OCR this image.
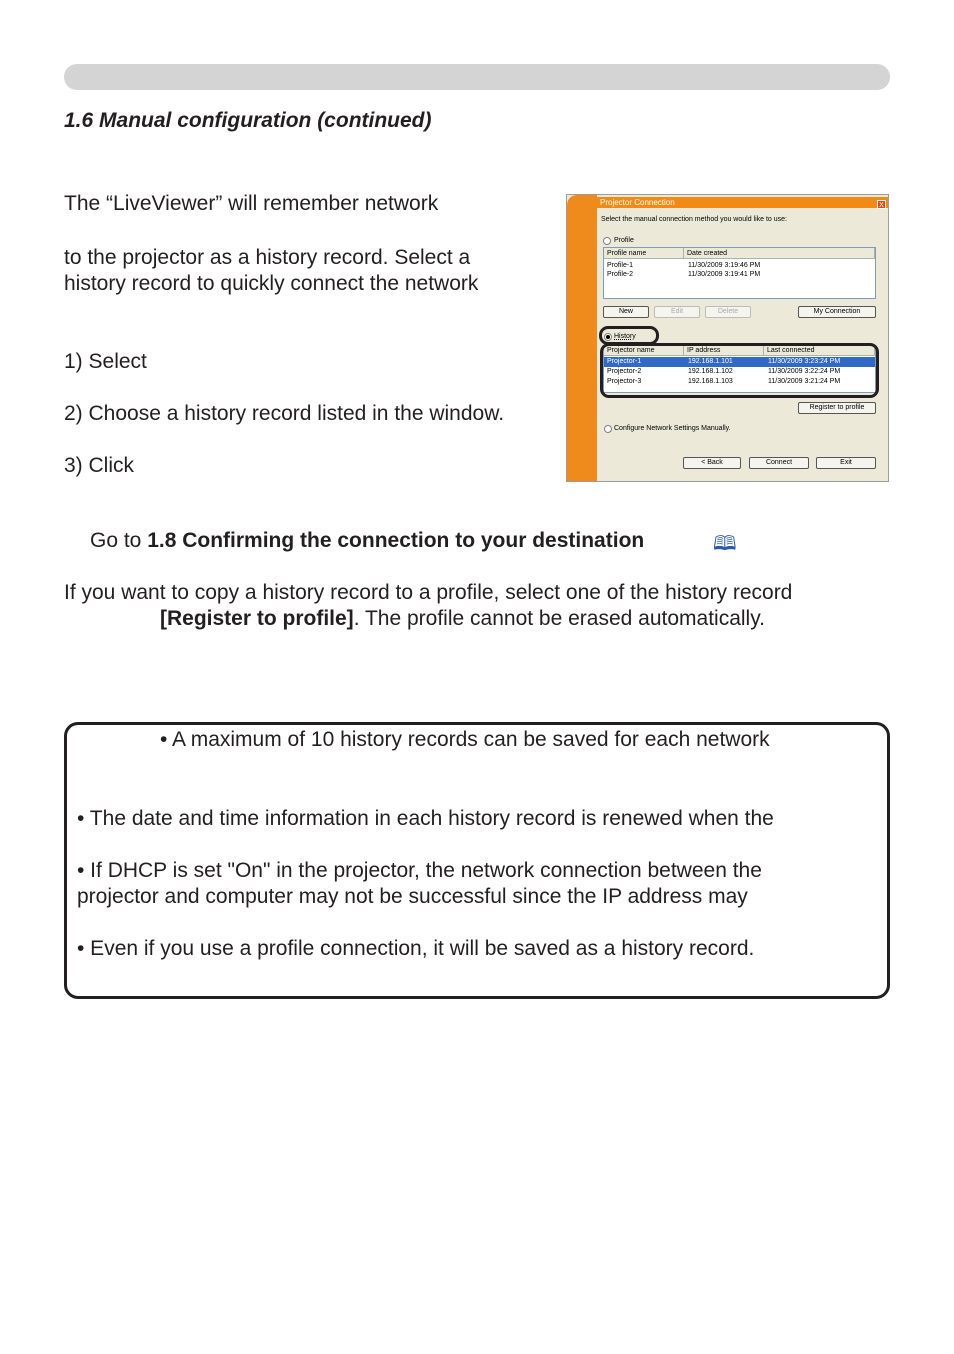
1.6 Manual configuration (continued)
The “LiveViewer” will remember network
to the projector as a history record. Select a
history record to quickly connect the network
1) Select
2) Choose a history record listed in the window.
3) Click
Projector Connection	X
Select the manual connection method you would like to use:
Profile
Profile name	Date created
Profile-1	11/30/2009 3:19:46 PM
Profile-2	11/30/2009 3:19:41 PM
New	Edit	Delete	My Connection
History
Projector name	IP address	Last connected
Projector-1	192.168.1.101	11/30/2009 3:23:24 PM
Projector-2	192.168.1.102	11/30/2009 3:22:24 PM
Projector-3	192.168.1.103	11/30/2009 3:21:24 PM
Register to profile
Configure Network Settings Manually.
< Back	Connect	Exit
Go to 1.8 Confirming the connection to your destination	🕮
If you want to copy a history record to a profile, select one of the history record
[Register to profile]. The profile cannot be erased automatically.
• A maximum of 10 history records can be saved for each network
• The date and time information in each history record is renewed when the
• If DHCP is set "On" in the projector, the network connection between the
projector and computer may not be successful since the IP address may
• Even if you use a profile connection, it will be saved as a history record.
